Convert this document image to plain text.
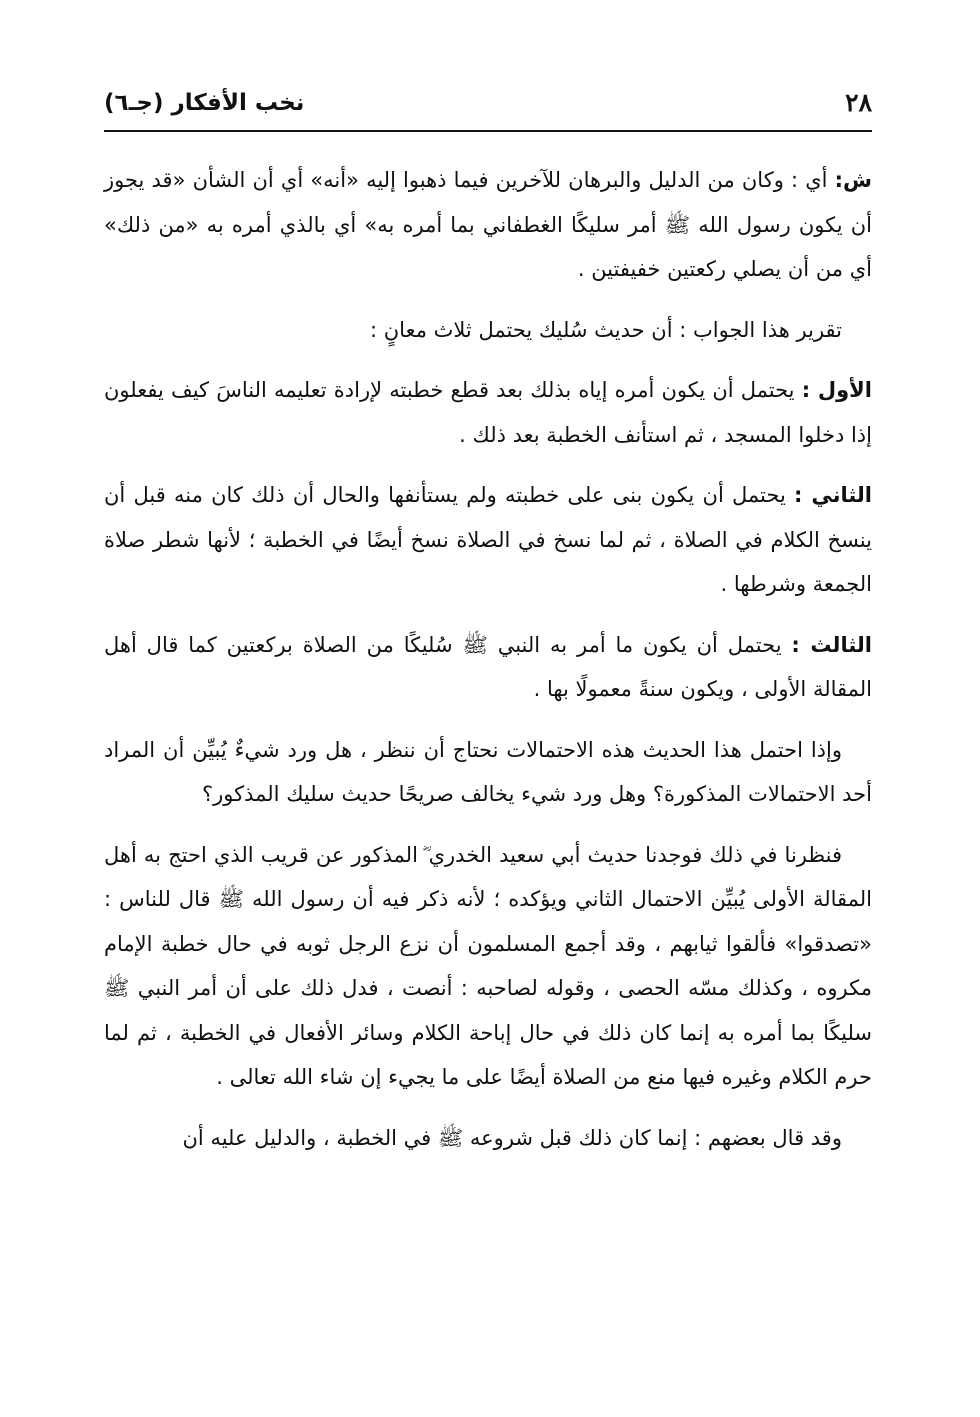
٢٨
نخب الأفكار (جـ٦)

ش: أي : وكان من الدليل والبرهان للآخرين فيما ذهبوا إليه «أنه» أي أن الشأن «قد يجوز أن يكون رسول الله ﷺ أمر سليكًا الغطفاني بما أمره به» أي بالذي أمره به «من ذلك» أي من أن يصلي ركعتين خفيفتين .

تقرير هذا الجواب : أن حديث سُليك يحتمل ثلاث معانٍ :

الأول : يحتمل أن يكون أمره إياه بذلك بعد قطع خطبته لإرادة تعليمه الناسَ كيف يفعلون إذا دخلوا المسجد ، ثم استأنف الخطبة بعد ذلك .

الثاني : يحتمل أن يكون بنى على خطبته ولم يستأنفها والحال أن ذلك كان منه قبل أن ينسخ الكلام في الصلاة ، ثم لما نسخ في الصلاة نسخ أيضًا في الخطبة ؛ لأنها شطر صلاة الجمعة وشرطها .

الثالث : يحتمل أن يكون ما أمر به النبي ﷺ سُليكًا من الصلاة بركعتين كما قال أهل المقالة الأولى ، ويكون سنةً معمولًا بها .

وإذا احتمل هذا الحديث هذه الاحتمالات نحتاج أن ننظر ، هل ورد شيءٌ يُبيِّن أن المراد أحد الاحتمالات المذكورة؟ وهل ورد شيء يخالف صريحًا حديث سليك المذكور؟

فنظرنا في ذلك فوجدنا حديث أبي سعيد الخدري ؓ المذكور عن قريب الذي احتج به أهل المقالة الأولى يُبيِّن الاحتمال الثاني ويؤكده ؛ لأنه ذكر فيه أن رسول الله ﷺ قال للناس : «تصدقوا» فألقوا ثيابهم ، وقد أجمع المسلمون أن نزع الرجل ثوبه في حال خطبة الإمام مكروه ، وكذلك مسّه الحصى ، وقوله لصاحبه : أنصت ، فدل ذلك على أن أمر النبي ﷺ سليكًا بما أمره به إنما كان ذلك في حال إباحة الكلام وسائر الأفعال في الخطبة ، ثم لما حرم الكلام وغيره فيها منع من الصلاة أيضًا على ما يجيء إن شاء الله تعالى .

وقد قال بعضهم : إنما كان ذلك قبل شروعه ﷺ في الخطبة ، والدليل عليه أن
